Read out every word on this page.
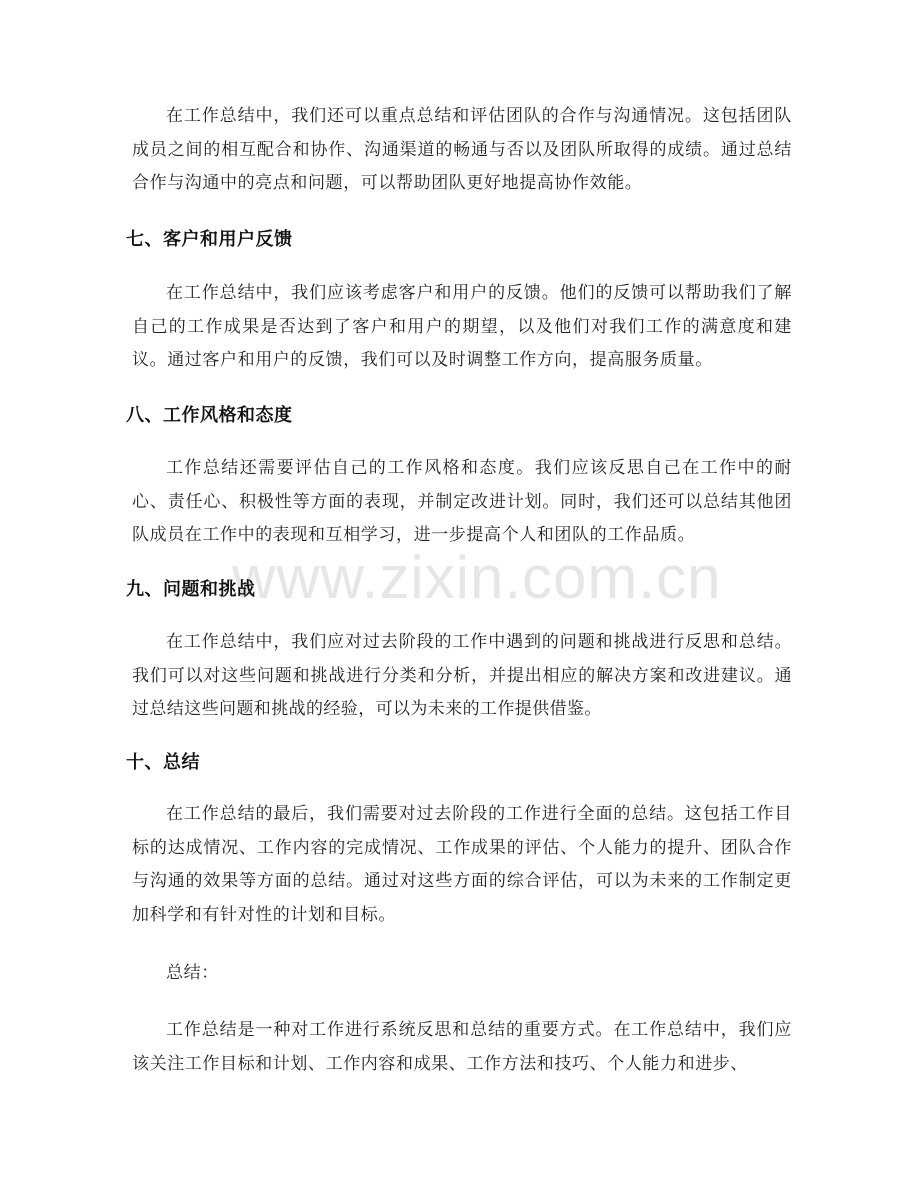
www.zixin.com.cn

在工作总结中，我们还可以重点总结和评估团队的合作与沟通情况。这包括团队成员之间的相互配合和协作、沟通渠道的畅通与否以及团队所取得的成绩。通过总结合作与沟通中的亮点和问题，可以帮助团队更好地提高协作效能。

七、客户和用户反馈

在工作总结中，我们应该考虑客户和用户的反馈。他们的反馈可以帮助我们了解自己的工作成果是否达到了客户和用户的期望，以及他们对我们工作的满意度和建议。通过客户和用户的反馈，我们可以及时调整工作方向，提高服务质量。

八、工作风格和态度

工作总结还需要评估自己的工作风格和态度。我们应该反思自己在工作中的耐心、责任心、积极性等方面的表现，并制定改进计划。同时，我们还可以总结其他团队成员在工作中的表现和互相学习，进一步提高个人和团队的工作品质。

九、问题和挑战

在工作总结中，我们应对过去阶段的工作中遇到的问题和挑战进行反思和总结。我们可以对这些问题和挑战进行分类和分析，并提出相应的解决方案和改进建议。通过总结这些问题和挑战的经验，可以为未来的工作提供借鉴。

十、总结

在工作总结的最后，我们需要对过去阶段的工作进行全面的总结。这包括工作目标的达成情况、工作内容的完成情况、工作成果的评估、个人能力的提升、团队合作与沟通的效果等方面的总结。通过对这些方面的综合评估，可以为未来的工作制定更加科学和有针对性的计划和目标。

总结：

工作总结是一种对工作进行系统反思和总结的重要方式。在工作总结中，我们应该关注工作目标和计划、工作内容和成果、工作方法和技巧、个人能力和进步、
